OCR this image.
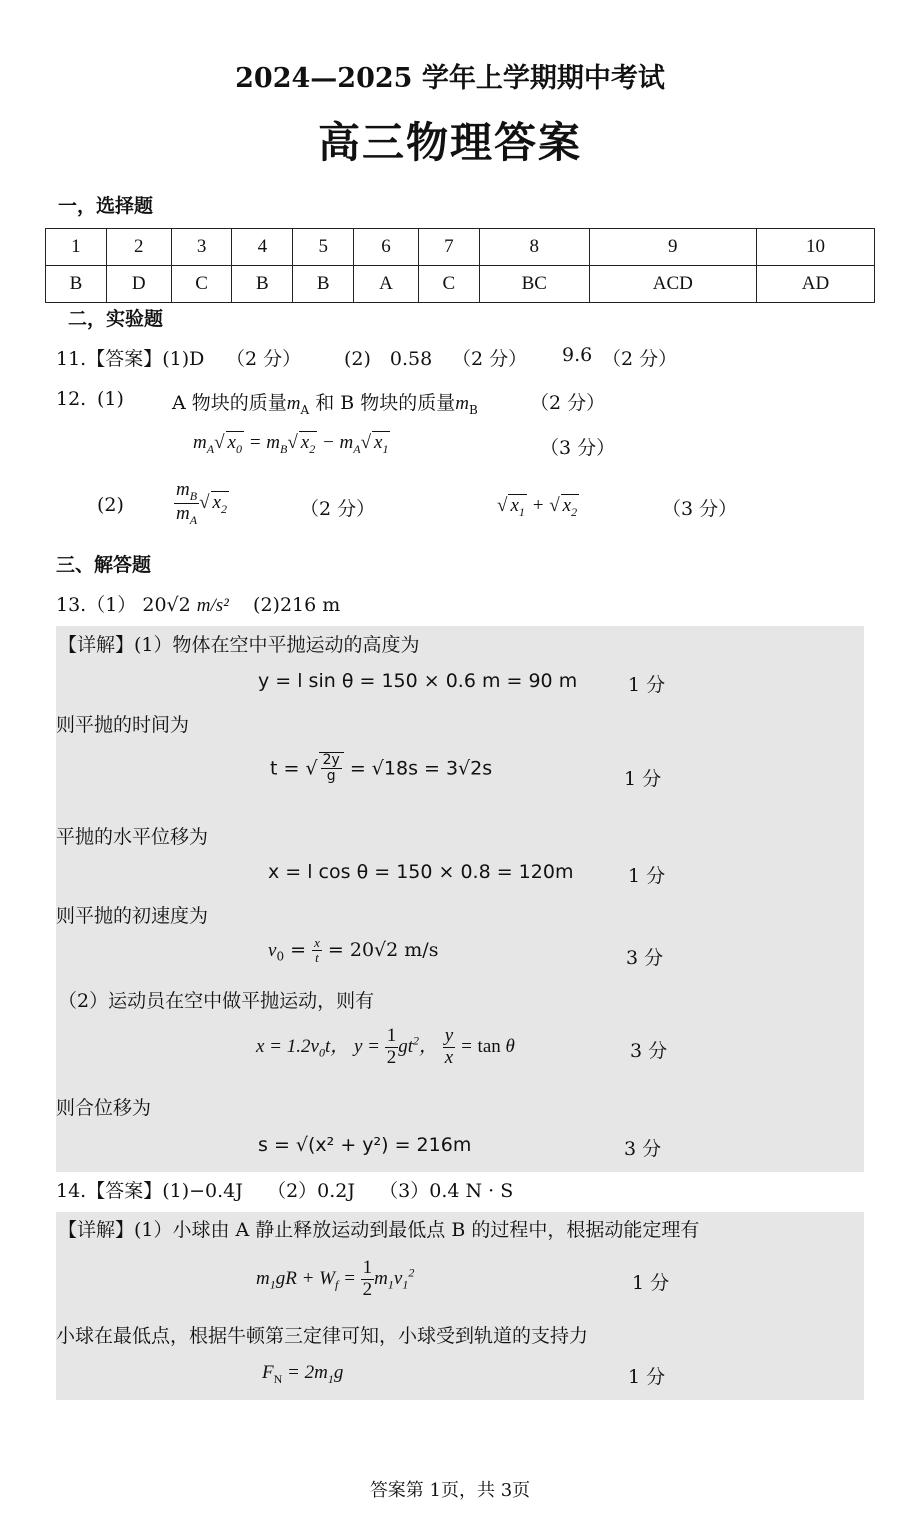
2024—2025 学年上学期期中考试
高三物理答案
一，选择题
1	2	3	4	5	6	7	8	9	10
B	D	C	B	B	A	C	BC	ACD	AD
二，实验题
11.【答案】(1)D （2 分） (2)　0.58 （2 分） 9.6 （2 分）
12. (1)	A 物块的质量$m_A$ 和 B 物块的质量$m_B$	（2 分）
$m_A√$ $x_0 = m_B√$ $x_2 - m_A√$ $x_1$	（3 分）
(2)	$\frac{m_B}{m_A}$ √ $x_2$	（2 分）	√ $x_1$ + √ $x_2$	（3 分）
三、解答题
13.（1） 20√2 m/s² (2)216 m
【详解】(1）物体在空中平抛运动的高度为
y = l sin θ = 150 × 0.6 m = 90 m	1 分
则平抛的时间为
t = √ $\frac{2y}{g} = √18s = 3√2s$	1 分
平抛的水平位移为
x = l cos θ = 150 × 0.8 = 120m	1 分
则平抛的初速度为
$v_0 = \frac{x}{t} = 20√2$ m/s	3 分
（2）运动员在空中做平抛运动，则有
$x = 1.2v_0t$， $y = \frac{1}{2} gt^2$， $\frac{y}{x} = \tan \theta$	3 分
则合位移为
s = √(x² + y²) = 216m	3 分
14.【答案】(1)−0.4J （2）0.2J （3）0.4 N · S
【详解】(1）小球由 A 静止释放运动到最低点 B 的过程中，根据动能定理有
$m_1gR + W_f = \frac{1}{2} m_1v_1^2$	1 分
小球在最低点，根据牛顿第三定律可知，小球受到轨道的支持力
$F_N = 2m_1g$	1 分
答案第 1页，共 3页
